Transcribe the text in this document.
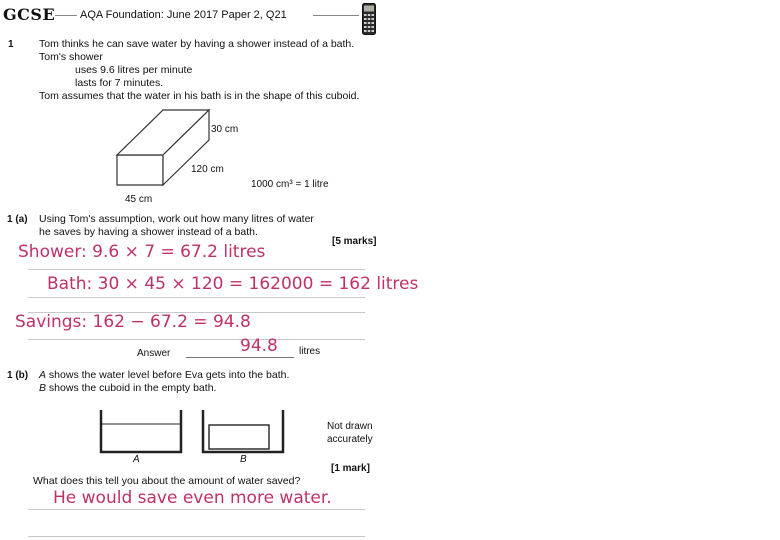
GCSE AQA Foundation: June 2017 Paper 2, Q21
1 Tom thinks he can save water by having a shower instead of a bath.
Tom's shower
uses 9.6 litres per minute
lasts for 7 minutes.
Tom assumes that the water in his bath is in the shape of this cuboid.
30 cm
120 cm
1000 cm³ = 1 litre
45 cm
1 (a) Using Tom's assumption, work out how many litres of water
he saves by having a shower instead of a bath.
[5 marks]
Shower: 9.6 × 7 = 67.2 litres
Bath: 30 × 45 × 120 = 162000 = 162 litres
Savings: 162 − 67.2 = 94.8
Answer	94.8 litres
1 (b) A shows the water level before Eva gets into the bath.
B shows the cuboid in the empty bath.
Not drawn
accurately
A	B
[1 mark]
What does this tell you about the amount of water saved?
He would save even more water.
